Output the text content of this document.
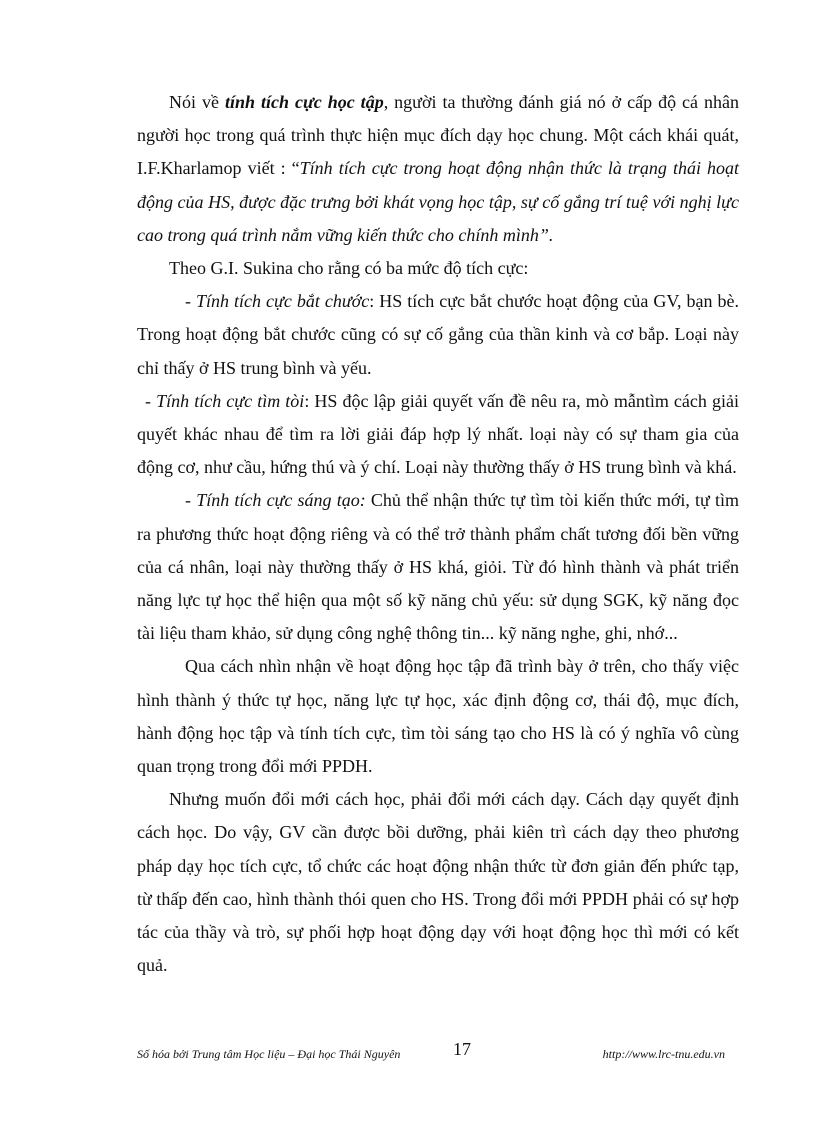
Nói về tính tích cực học tập, người ta thường đánh giá nó ở cấp độ cá nhân người học trong quá trình thực hiện mục đích dạy học chung. Một cách khái quát, I.F.Kharlamop viết : “Tính tích cực trong hoạt động nhận thức là trạng thái hoạt động của HS, được đặc trưng bởi khát vọng học tập, sự cố gắng trí tuệ với nghị lực cao trong quá trình nắm vững kiến thức cho chính mình”.

Theo G.I. Sukina cho rằng có ba mức độ tích cực:

- Tính tích cực bắt chước: HS tích cực bắt chước hoạt động của GV, bạn bè. Trong hoạt động bắt chước cũng có sự cố gắng của thần kinh và cơ bắp. Loại này chỉ thấy ở HS trung bình và yếu.

- Tính tích cực tìm tòi: HS độc lập giải quyết vấn đề nêu ra, mò mẫntìm cách giải quyết khác nhau để tìm ra lời giải đáp hợp lý nhất. loại này có sự tham gia của động cơ, như cầu, hứng thú và ý chí. Loại này thường thấy ở HS trung bình và khá.

- Tính tích cực sáng tạo: Chủ thể nhận thức tự tìm tòi kiến thức mới, tự tìm ra phương thức hoạt động riêng và có thể trở thành phẩm chất tương đối bền vững của cá nhân, loại này thường thấy ở HS khá, giỏi. Từ đó hình thành và phát triển năng lực tự học thể hiện qua một số kỹ năng chủ yếu: sử dụng SGK, kỹ năng đọc tài liệu tham khảo, sử dụng công nghệ thông tin... kỹ năng nghe, ghi, nhớ...

Qua cách nhìn nhận về hoạt động học tập đã trình bày ở trên, cho thấy việc hình thành ý thức tự học, năng lực tự học, xác định động cơ, thái độ, mục đích, hành động học tập và tính tích cực, tìm tòi sáng tạo cho HS là có ý nghĩa vô cùng quan trọng trong đổi mới PPDH.

Nhưng muốn đổi mới cách học, phải đổi mới cách dạy. Cách dạy quyết định cách học. Do vậy, GV cần được bồi dưỡng, phải kiên trì cách dạy theo phương pháp dạy học tích cực, tổ chức các hoạt động nhận thức từ đơn giản đến phức tạp, từ thấp đến cao, hình thành thói quen cho HS. Trong đổi mới PPDH phải có sự hợp tác của thầy và trò, sự phối hợp hoạt động dạy với hoạt động học thì mới có kết quả.

Số hóa bởi Trung tâm Học liệu – Đại học Thái Nguyên	17	http://www.lrc-tnu.edu.vn
